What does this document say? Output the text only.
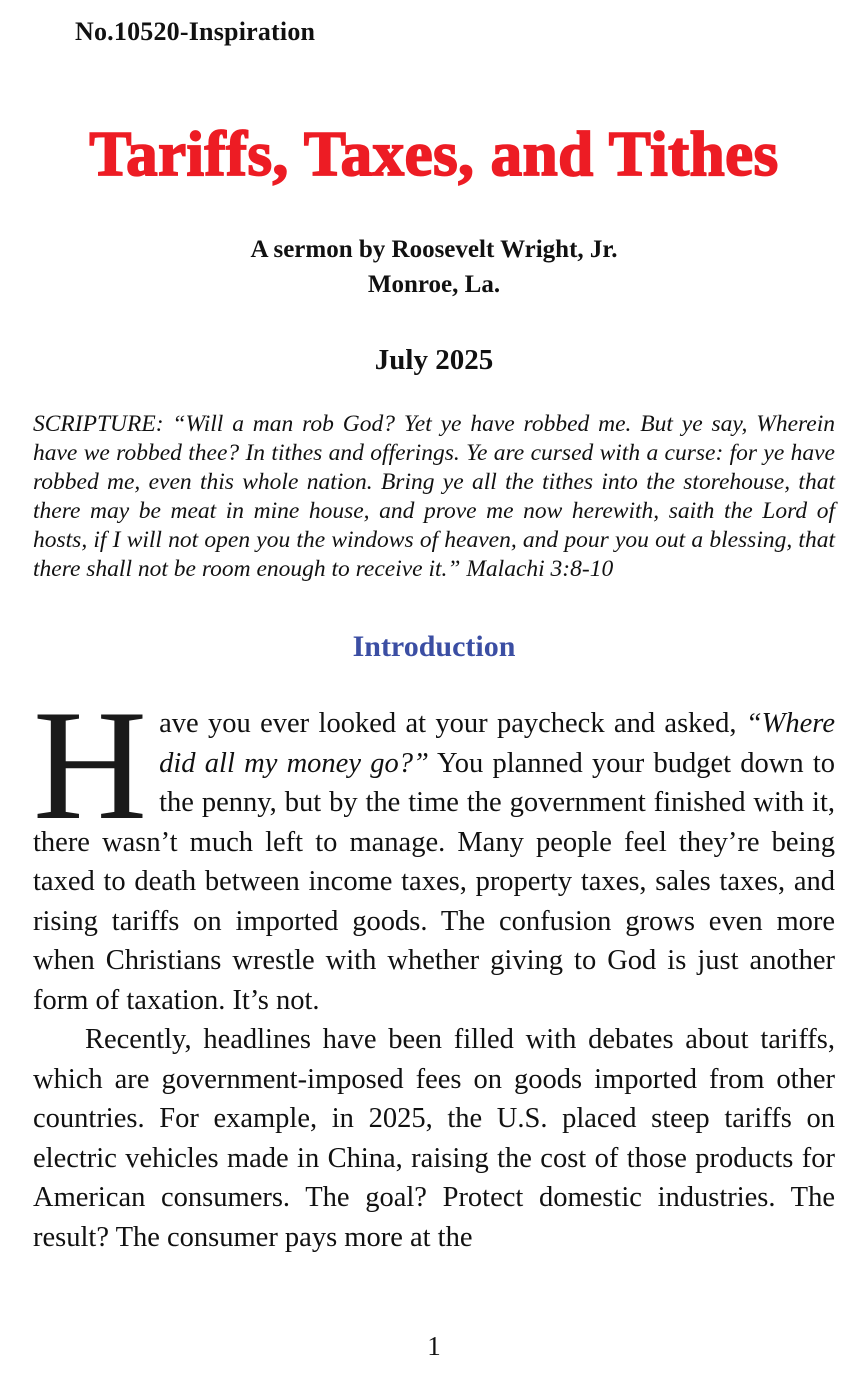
No.10520-Inspiration
Tariffs, Taxes, and Tithes
A sermon by Roosevelt Wright, Jr.
Monroe, La.
July 2025

SCRIPTURE: “Will a man rob God? Yet ye have robbed me. But ye say, Wherein have we robbed thee? In tithes and offerings. Ye are cursed with a curse: for ye have robbed me, even this whole nation. Bring ye all the tithes into the storehouse, that there may be meat in mine house, and prove me now herewith, saith the Lord of hosts, if I will not open you the windows of heaven, and pour you out a blessing, that there shall not be room enough to receive it.” Malachi 3:8-10

Introduction

Have you ever looked at your paycheck and asked, “Where did all my money go?” You planned your budget down to the penny, but by the time the government finished with it, there wasn’t much left to manage. Many people feel they’re being taxed to death between income taxes, property taxes, sales taxes, and rising tariffs on imported goods. The confusion grows even more when Christians wrestle with whether giving to God is just another form of taxation. It’s not.

Recently, headlines have been filled with debates about tariffs, which are government-imposed fees on goods imported from other countries. For example, in 2025, the U.S. placed steep tariffs on electric vehicles made in China, raising the cost of those products for American consumers. The goal? Protect domestic industries. The result? The consumer pays more at the

1
